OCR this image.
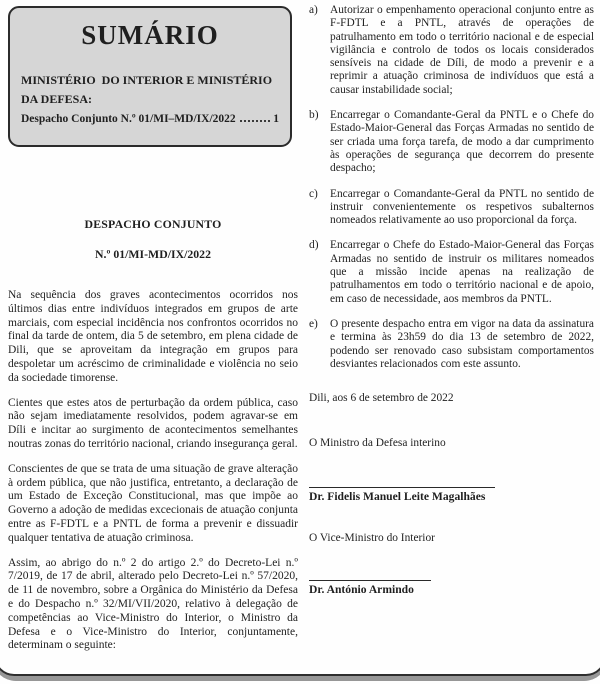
SUMÁRIO
MINISTÉRIO  DO INTERIOR E MINISTÉRIO DA DEFESA:
Despacho Conjunto N.º 01/MI–MD/IX/2022	1
DESPACHO CONJUNTO
N.º 01/MI-MD/IX/2022

Na sequência dos graves acontecimentos ocorridos nos últimos dias entre indivíduos integrados em grupos de arte marciais, com especial incidência nos confrontos ocorridos no final da tarde de ontem, dia 5 de setembro, em plena cidade de Dili, que se aproveitam da integração em grupos para despoletar um acréscimo de criminalidade e violência no seio da sociedade timorense.

Cientes que estes atos de perturbação da ordem pública, caso não sejam imediatamente resolvidos, podem agravar-se em Díli e incitar ao surgimento de acontecimentos semelhantes noutras zonas do território nacional, criando insegurança geral.

Conscientes de que se trata de uma situação de grave alteração à ordem pública, que não justifica, entretanto, a declaração de um Estado de Exceção Constitucional, mas que impõe ao Governo a adoção de medidas excecionais de atuação conjunta entre as F-FDTL e a PNTL de forma a prevenir e dissuadir qualquer tentativa de atuação criminosa.

Assim, ao abrigo do n.º 2 do artigo 2.º do Decreto-Lei n.º 7/2019, de 17 de abril, alterado pelo Decreto-Lei n.º 57/2020, de 11 de novembro, sobre a Orgânica do Ministério da Defesa e do Despacho n.º 32/MI/VII/2020, relativo à delegação de competências ao Vice-Ministro do Interior, o Ministro da Defesa e o Vice-Ministro do Interior, conjuntamente, determinam o seguinte:

a)	Autorizar o empenhamento operacional conjunto entre as F-FDTL e a PNTL, através de operações de patrulhamento em todo o território nacional e de especial vigilância e controlo de todos os locais considerados sensíveis na cidade de Díli, de modo a prevenir e a reprimir a atuação criminosa de indivíduos que está a causar instabilidade social;
b)	Encarregar o Comandante-Geral da PNTL e o Chefe do Estado-Maior-General das Forças Armadas no sentido de ser criada uma força tarefa, de modo a dar cumprimento às operações de segurança que decorrem do presente despacho;
c)	Encarregar o Comandante-Geral da PNTL no sentido de instruir convenientemente os respetivos subalternos nomeados relativamente ao uso proporcional da força.
d)	Encarregar o Chefe do Estado-Maior-General das Forças Armadas no sentido de instruir os militares nomeados que a missão incide apenas na realização de patrulhamentos em todo o território nacional e de apoio, em caso de necessidade, aos membros da PNTL.
e)	O presente despacho entra em vigor na data da assinatura e termina às 23h59 do dia 13 de setembro de 2022, podendo ser renovado caso subsistam comportamentos desviantes relacionados com este assunto.

Dili, aos 6 de setembro de 2022

O Ministro da Defesa interino

Dr. Fidelis Manuel Leite Magalhães

O Vice-Ministro do Interior

Dr. António Armindo
